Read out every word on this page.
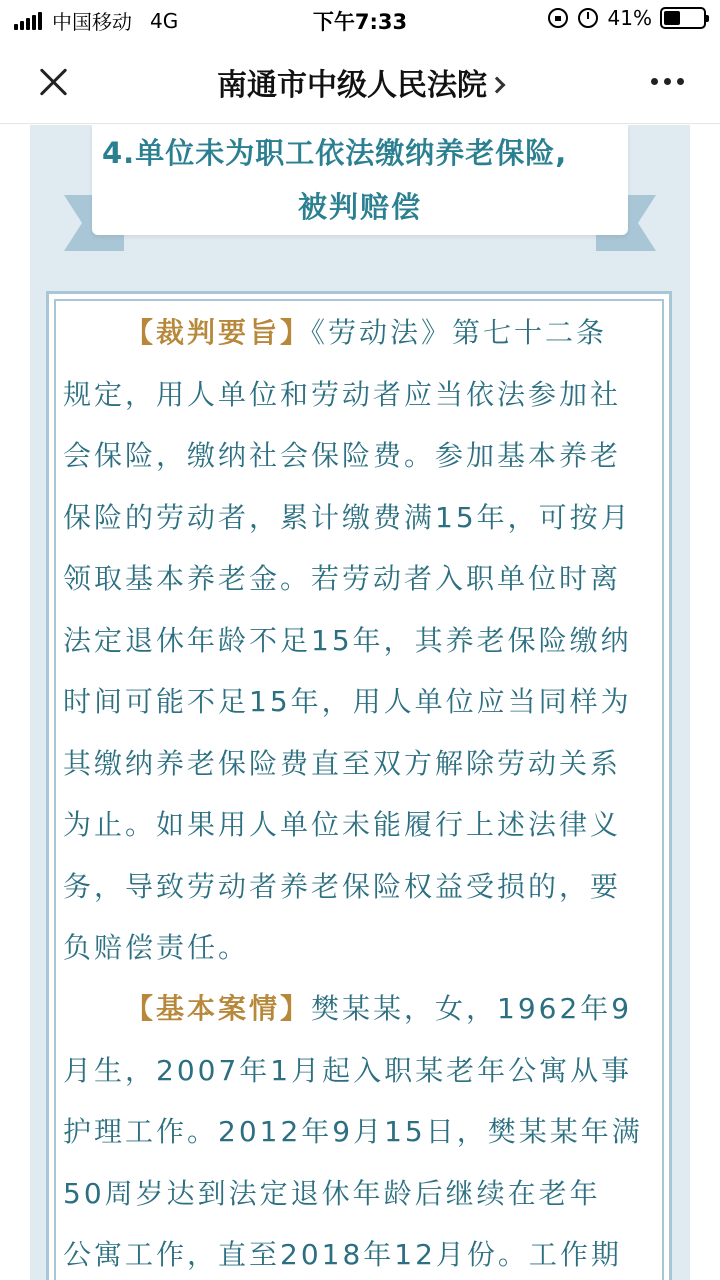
中国移动 4G	下午7:33	41%
南通市中级人民法院
4.单位未为职工依法缴纳养老保险,
被判赔偿

【裁判要旨】《劳动法》第七十二条

规定，用人单位和劳动者应当依法参加社

会保险，缴纳社会保险费。参加基本养老

保险的劳动者，累计缴费满15年，可按月

领取基本养老金。若劳动者入职单位时离

法定退休年龄不足15年，其养老保险缴纳

时间可能不足15年，用人单位应当同样为

其缴纳养老保险费直至双方解除劳动关系

为止。如果用人单位未能履行上述法律义

务，导致劳动者养老保险权益受损的，要

负赔偿责任。

【基本案情】樊某某，女，1962年9

月生，2007年1月起入职某老年公寓从事

护理工作。2012年9月15日，樊某某年满

50周岁达到法定退休年龄后继续在老年

公寓工作，直至2018年12月份。工作期
